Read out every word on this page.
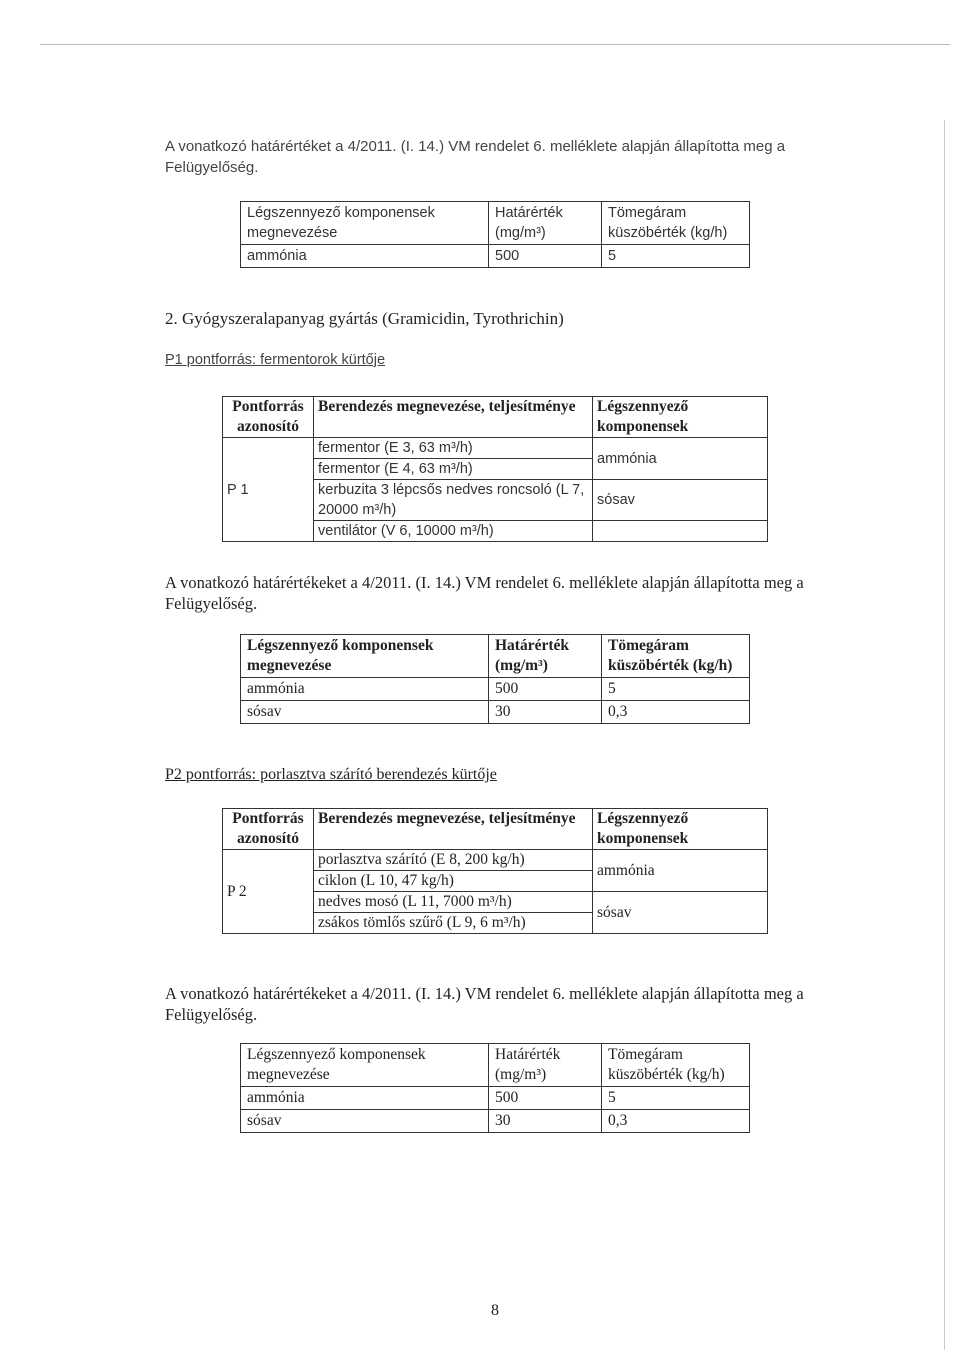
A vonatkozó határértéket a 4/2011. (I. 14.) VM rendelet 6. melléklete alapján állapította meg a Felügyelőség.

Légszennyező komponensek megnevezése	Határérték (mg/m³)	Tömegáram küszöbérték (kg/h)
ammónia	500	5
2. Gyógyszeralapanyag gyártás (Gramicidin, Tyrothrichin)
P1 pontforrás: fermentorok kürtője
Pontforrás azonosító	Berendezés megnevezése, teljesítménye	Légszennyező komponensek
P 1	fermentor (E 3, 63 m³/h)	ammónia
	fermentor (E 4, 63 m³/h)	
	kerbuzita 3 lépcsős nedves roncsoló (L 7, 20000 m³/h)	sósav
	ventilátor (V 6, 10000 m³/h)	

A vonatkozó határértékeket a 4/2011. (I. 14.) VM rendelet 6. melléklete alapján állapította meg a Felügyelőség.

Légszennyező komponensek megnevezése	Határérték (mg/m³)	Tömegáram küszöbérték (kg/h)
ammónia	500	5
sósav	30	0,3
P2 pontforrás: porlasztva szárító berendezés kürtője
Pontforrás azonosító	Berendezés megnevezése, teljesítménye	Légszennyező komponensek
P 2	porlasztva szárító (E 8, 200 kg/h)	ammónia
	ciklon (L 10, 47 kg/h)	
	nedves mosó (L 11, 7000 m³/h)	sósav
	zsákos tömlős szűrő (L 9, 6 m³/h)	

A vonatkozó határértékeket a 4/2011. (I. 14.) VM rendelet 6. melléklete alapján állapította meg a Felügyelőség.

Légszennyező komponensek megnevezése	Határérték (mg/m³)	Tömegáram küszöbérték (kg/h)
ammónia	500	5
sósav	30	0,3
8
